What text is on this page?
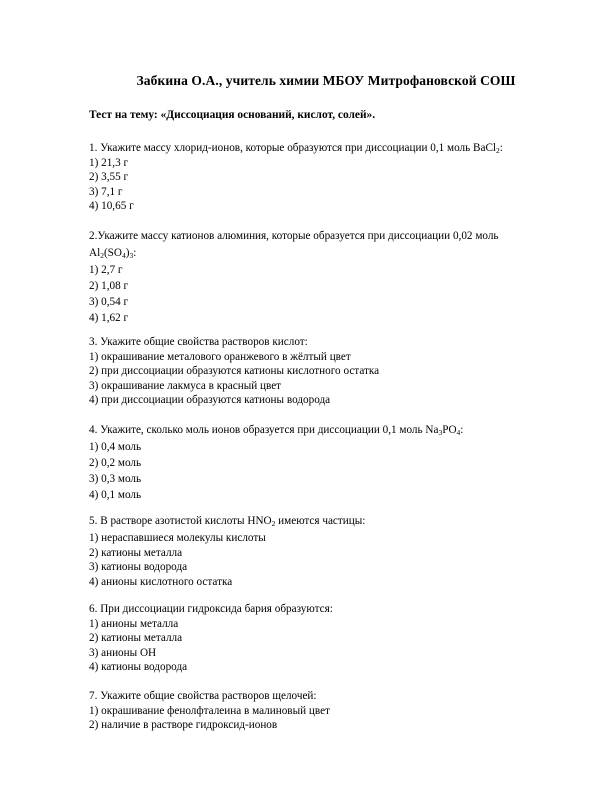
Забкина О.А., учитель химии МБОУ Митрофановской СОШ
Тест на тему: «Диссоциация оснований, кислот, солей».
1. Укажите массу хлорид-ионов, которые образуются при диссоциации 0,1 моль BaCl$_2$:
1) 21,3 г
2) 3,55 г
3) 7,1 г
4) 10,65 г
2.Укажите массу катионов алюминия, которые образуется при диссоциации 0,02 моль
$Al_2(SO_4)_3$:
1) 2,7 г
2) 1,08 г
3) 0,54 г
4) 1,62 г
3. Укажите общие свойства растворов кислот:
1) окрашивание металового оранжевого в жёлтый цвет
2) при диссоциации образуются катионы кислотного остатка
3) окрашивание лакмуса в красный цвет
4) при диссоциации образуются катионы водорода
4. Укажите, сколько моль ионов образуется при диссоциации 0,1 моль $Na_3PO_4$:
1) 0,4 моль
2) 0,2 моль
3) 0,3 моль
4) 0,1 моль
5. В растворе азотистой кислоты $HNO_2$ имеются частицы:
1) нераспавшиеся молекулы кислоты
2) катионы металла
3) катионы водорода
4) анионы кислотного остатка
6. При диссоциации гидроксида бария образуются:
1) анионы металла
2) катионы металла
3) анионы OH
4) катионы водорода
7. Укажите общие свойства растворов щелочей:
1) окрашивание фенолфталеина в малиновый цвет
2) наличие в растворе гидроксид-ионов
